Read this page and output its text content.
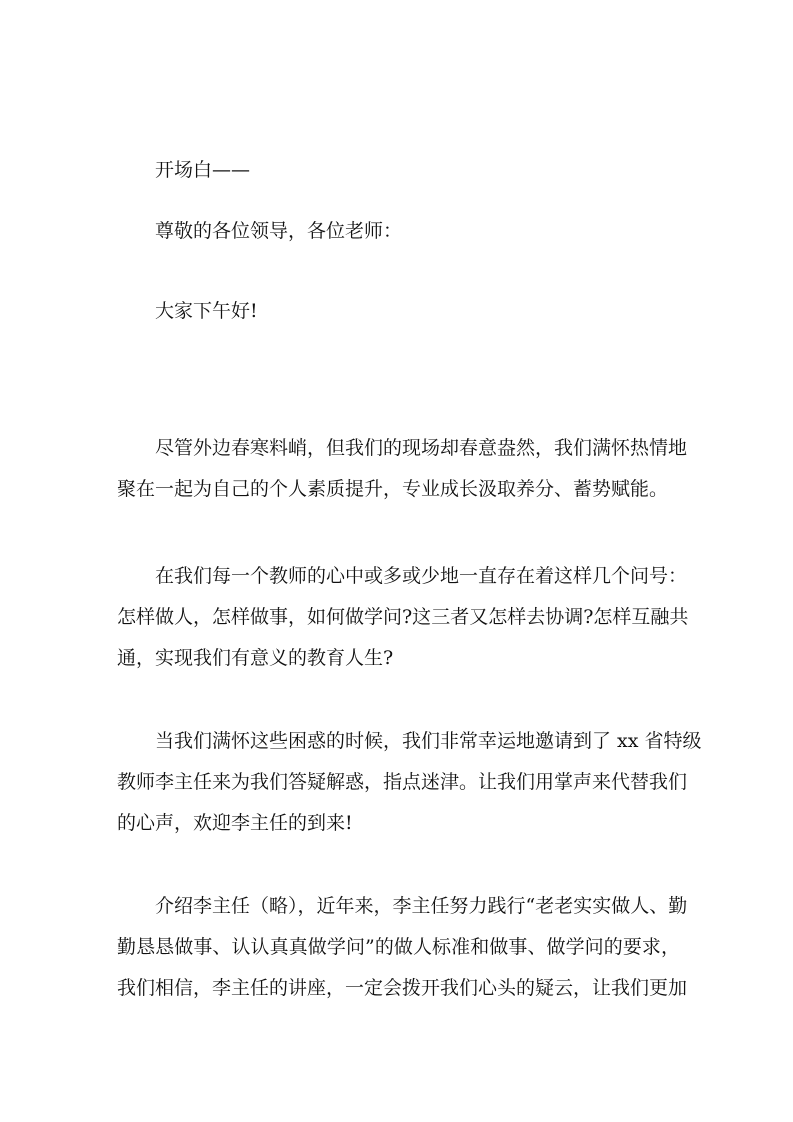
开场白——
尊敬的各位领导，各位老师：
大家下午好!
尽管外边春寒料峭，但我们的现场却春意盎然，我们满怀热情地
聚在一起为自己的个人素质提升，专业成长汲取养分、蓄势赋能。
在我们每一个教师的心中或多或少地一直存在着这样几个问号：
怎样做人，怎样做事，如何做学问?这三者又怎样去协调?怎样互融共
通，实现我们有意义的教育人生?
当我们满怀这些困惑的时候，我们非常幸运地邀请到了 xx 省特级
教师李主任来为我们答疑解惑，指点迷津。让我们用掌声来代替我们
的心声，欢迎李主任的到来!
介绍李主任（略），近年来，李主任努力践行“老老实实做人、勤
勤恳恳做事、认认真真做学问”的做人标准和做事、做学问的要求，
我们相信，李主任的讲座，一定会拨开我们心头的疑云，让我们更加
